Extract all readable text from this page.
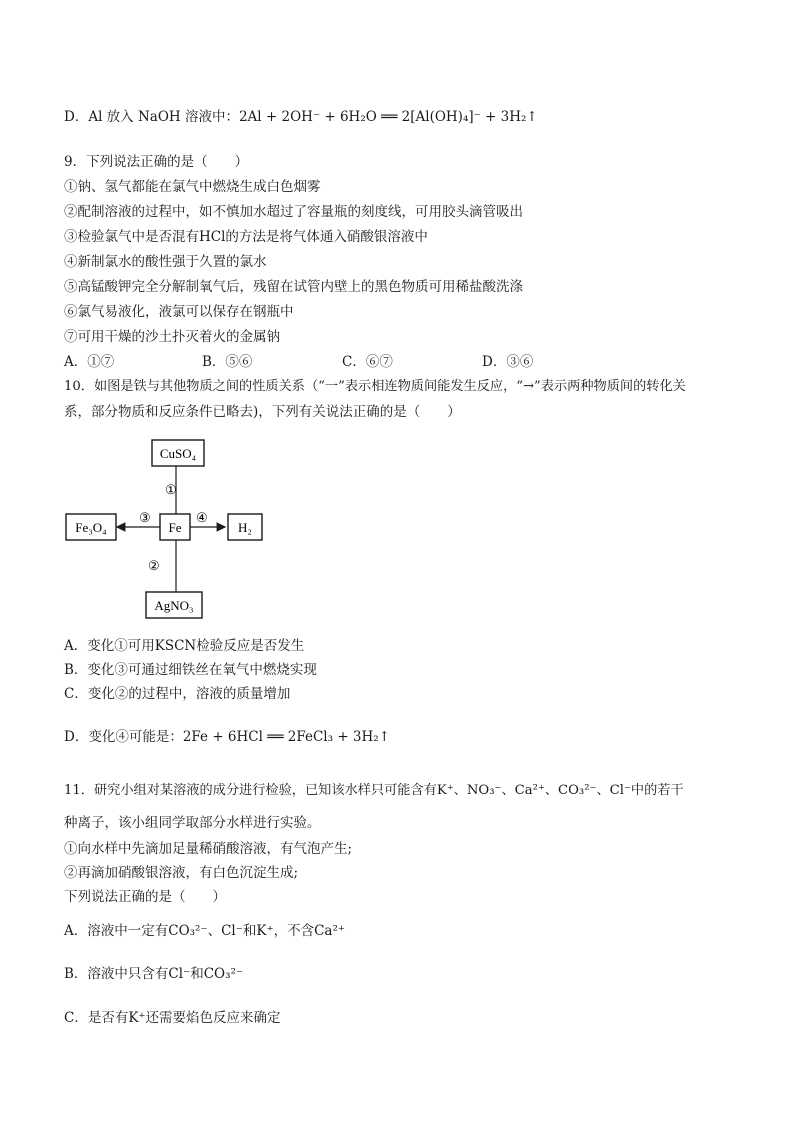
D．Al 放入 NaOH 溶液中：2Al + 2OH⁻ + 6H₂O ══ 2[Al(OH)₄]⁻ + 3H₂↑
9．下列说法正确的是（　　）
①钠、氢气都能在氯气中燃烧生成白色烟雾
②配制溶液的过程中，如不慎加水超过了容量瓶的刻度线，可用胶头滴管吸出
③检验氯气中是否混有HCl的方法是将气体通入硝酸银溶液中
④新制氯水的酸性强于久置的氯水
⑤高锰酸钾完全分解制氧气后，残留在试管内壁上的黑色物质可用稀盐酸洗涤
⑥氯气易液化，液氯可以保存在钢瓶中
⑦可用干燥的沙土扑灭着火的金属钠
A．①⑦	B．⑤⑥	C．⑥⑦	D．③⑥
10．如图是铁与其他物质之间的性质关系（“一”表示相连物质间能发生反应，“→”表示两种物质间的转化关
系，部分物质和反应条件已略去)，下列有关说法正确的是（　　）
CuSO₄
Fe
Fe₃O₄	H₂
AgNO₃
①
②
③	④
A．变化①可用KSCN检验反应是否发生
B．变化③可通过细铁丝在氧气中燃烧实现
C．变化②的过程中，溶液的质量增加
D．变化④可能是：2Fe + 6HCl ══ 2FeCl₃ + 3H₂↑
11．研究小组对某溶液的成分进行检验，已知该水样只可能含有K⁺、NO₃⁻、Ca²⁺、CO₃²⁻、Cl⁻中的若干
种离子，该小组同学取部分水样进行实验。
①向水样中先滴加足量稀硝酸溶液，有气泡产生;
②再滴加硝酸银溶液，有白色沉淀生成;
下列说法正确的是（　　）
A．溶液中一定有CO₃²⁻、Cl⁻和K⁺，不含Ca²⁺
B．溶液中只含有Cl⁻和CO₃²⁻
C．是否有K⁺还需要焰色反应来确定
